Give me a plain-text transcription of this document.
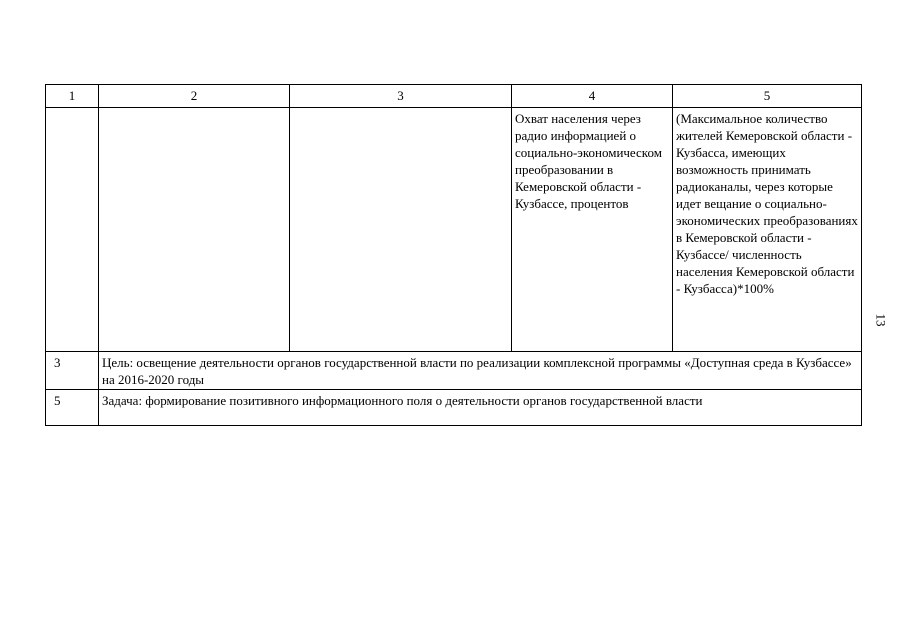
1	2	3	4	5
			Охват населения через радио информацией о социально-экономическом преобразовании в Кемеровской области - Кузбассе, процентов	(Максимальное количество жителей Кемеровской области - Кузбасса, имеющих возможность принимать радиоканалы, через которые идет вещание о социально-экономических преобразованиях в Кемеровской области - Кузбассе/ численность населения Кемеровской области - Кузбасса)*100%
3	Цель: освещение деятельности органов государственной власти по реализации комплексной программы «Доступная среда в Кузбассе» на 2016-2020 годы			
5	Задача: формирование позитивного информационного поля о деятельности органов государственной власти			
13
